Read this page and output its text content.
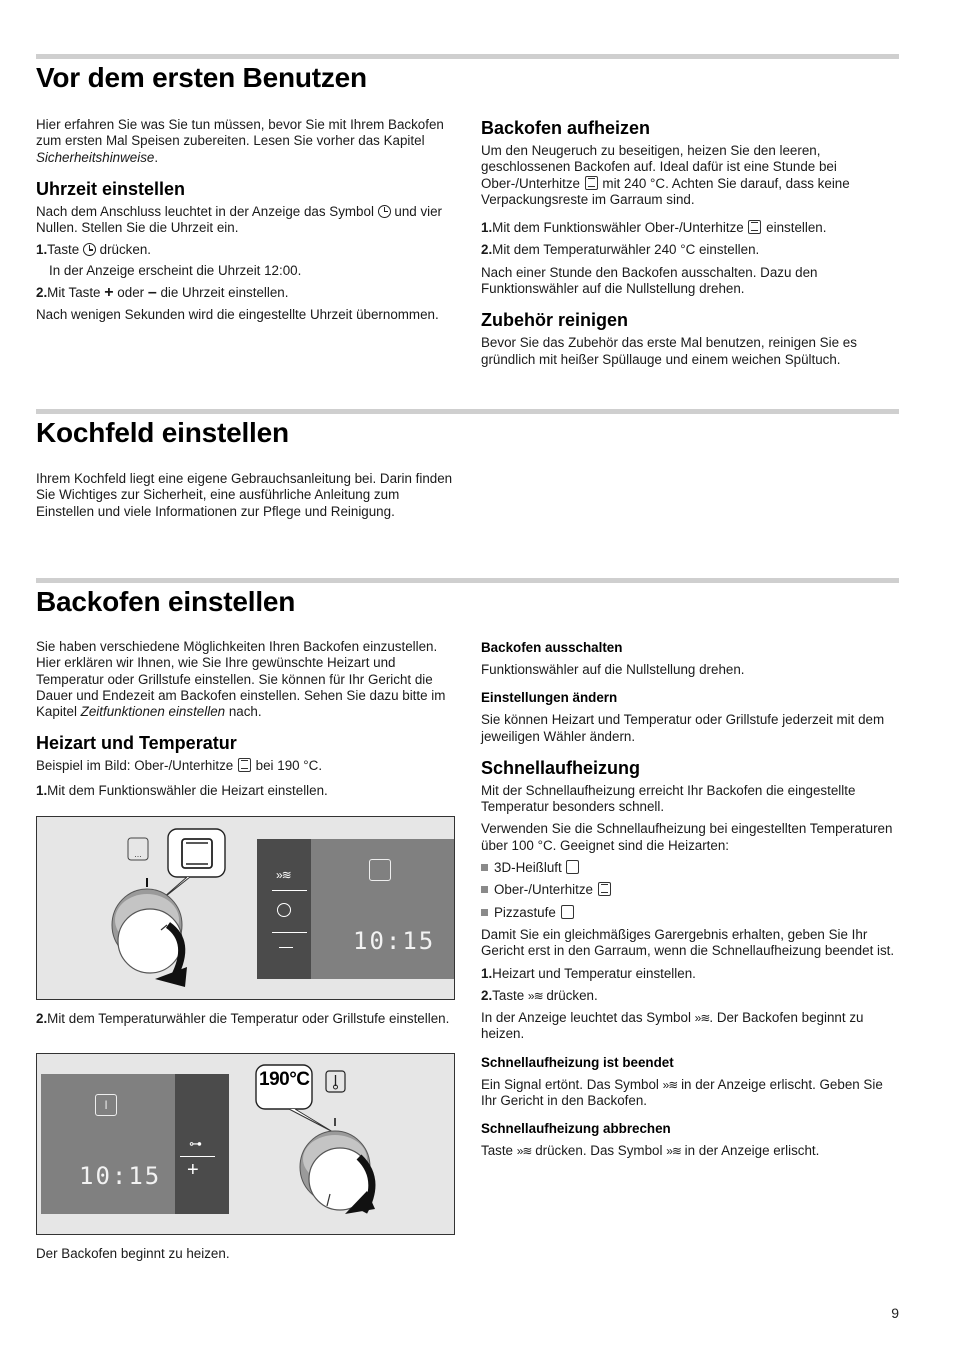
Vor dem ersten Benutzen

Hier erfahren Sie was Sie tun müssen, bevor Sie mit Ihrem Backofen zum ersten Mal Speisen zubereiten. Lesen Sie vorher das Kapitel Sicherheitshinweise.

Uhrzeit einstellen

Nach dem Anschluss leuchtet in der Anzeige das Symbol  und vier Nullen. Stellen Sie die Uhrzeit ein.

1.Taste  drücken.
In der Anzeige erscheint die Uhrzeit 12:00.
2.Mit Taste + oder – die Uhrzeit einstellen.

Nach wenigen Sekunden wird die eingestellte Uhrzeit übernommen.

Backofen aufheizen

Um den Neugeruch zu beseitigen, heizen Sie den leeren, geschlossenen Backofen auf. Ideal dafür ist eine Stunde bei Ober-/Unterhitze  mit 240 °C. Achten Sie darauf, dass keine Verpackungsreste im Garraum sind.

1.Mit dem Funktionswähler Ober-/Unterhitze  einstellen.
2.Mit dem Temperaturwähler 240 °C einstellen.

Nach einer Stunde den Backofen ausschalten. Dazu den Funktionswähler auf die Nullstellung drehen.

Zubehör reinigen

Bevor Sie das Zubehör das erste Mal benutzen, reinigen Sie es gründlich mit heißer Spüllauge und einem weichen Spültuch.

Kochfeld einstellen

Ihrem Kochfeld liegt eine eigene Gebrauchsanleitung bei. Darin finden Sie Wichtiges zur Sicherheit, eine ausführliche Anleitung zum Einstellen und viele Informationen zur Pflege und Reinigung.

Backofen einstellen

Sie haben verschiedene Möglichkeiten Ihren Backofen einzustellen. Hier erklären wir Ihnen, wie Sie Ihre gewünschte Heizart und Temperatur oder Grillstufe einstellen. Sie können für Ihr Gericht die Dauer und Endezeit am Backofen einstellen. Sehen Sie dazu bitte im Kapitel Zeitfunktionen einstellen nach.

Heizart und Temperatur

Beispiel im Bild: Ober-/Unterhitze  bei 190 °C.

1.Mit dem Funktionswähler die Heizart einstellen.
...
»≋
10:15
2.Mit dem Temperaturwähler die Temperatur oder Grillstufe einstellen.
ǀ
10:15
⊶
+
190°C

Der Backofen beginnt zu heizen.

Backofen ausschalten

Funktionswähler auf die Nullstellung drehen.

Einstellungen ändern

Sie können Heizart und Temperatur oder Grillstufe jederzeit mit dem jeweiligen Wähler ändern.

Schnellaufheizung

Mit der Schnellaufheizung erreicht Ihr Backofen die eingestellte Temperatur besonders schnell.

Verwenden Sie die Schnellaufheizung bei eingestellten Temperaturen über 100 °C. Geeignet sind die Heizarten:

3D-Heißluft
Ober-/Unterhitze
Pizzastufe

Damit Sie ein gleichmäßiges Garergebnis erhalten, geben Sie Ihr Gericht erst in den Garraum, wenn die Schnellaufheizung beendet ist.

1.Heizart und Temperatur einstellen.
2.Taste »≋ drücken.

In der Anzeige leuchtet das Symbol »≋. Der Backofen beginnt zu heizen.

Schnellaufheizung ist beendet

Ein Signal ertönt. Das Symbol »≋ in der Anzeige erlischt. Geben Sie Ihr Gericht in den Backofen.

Schnellaufheizung abbrechen

Taste »≋ drücken. Das Symbol »≋ in der Anzeige erlischt.

9
